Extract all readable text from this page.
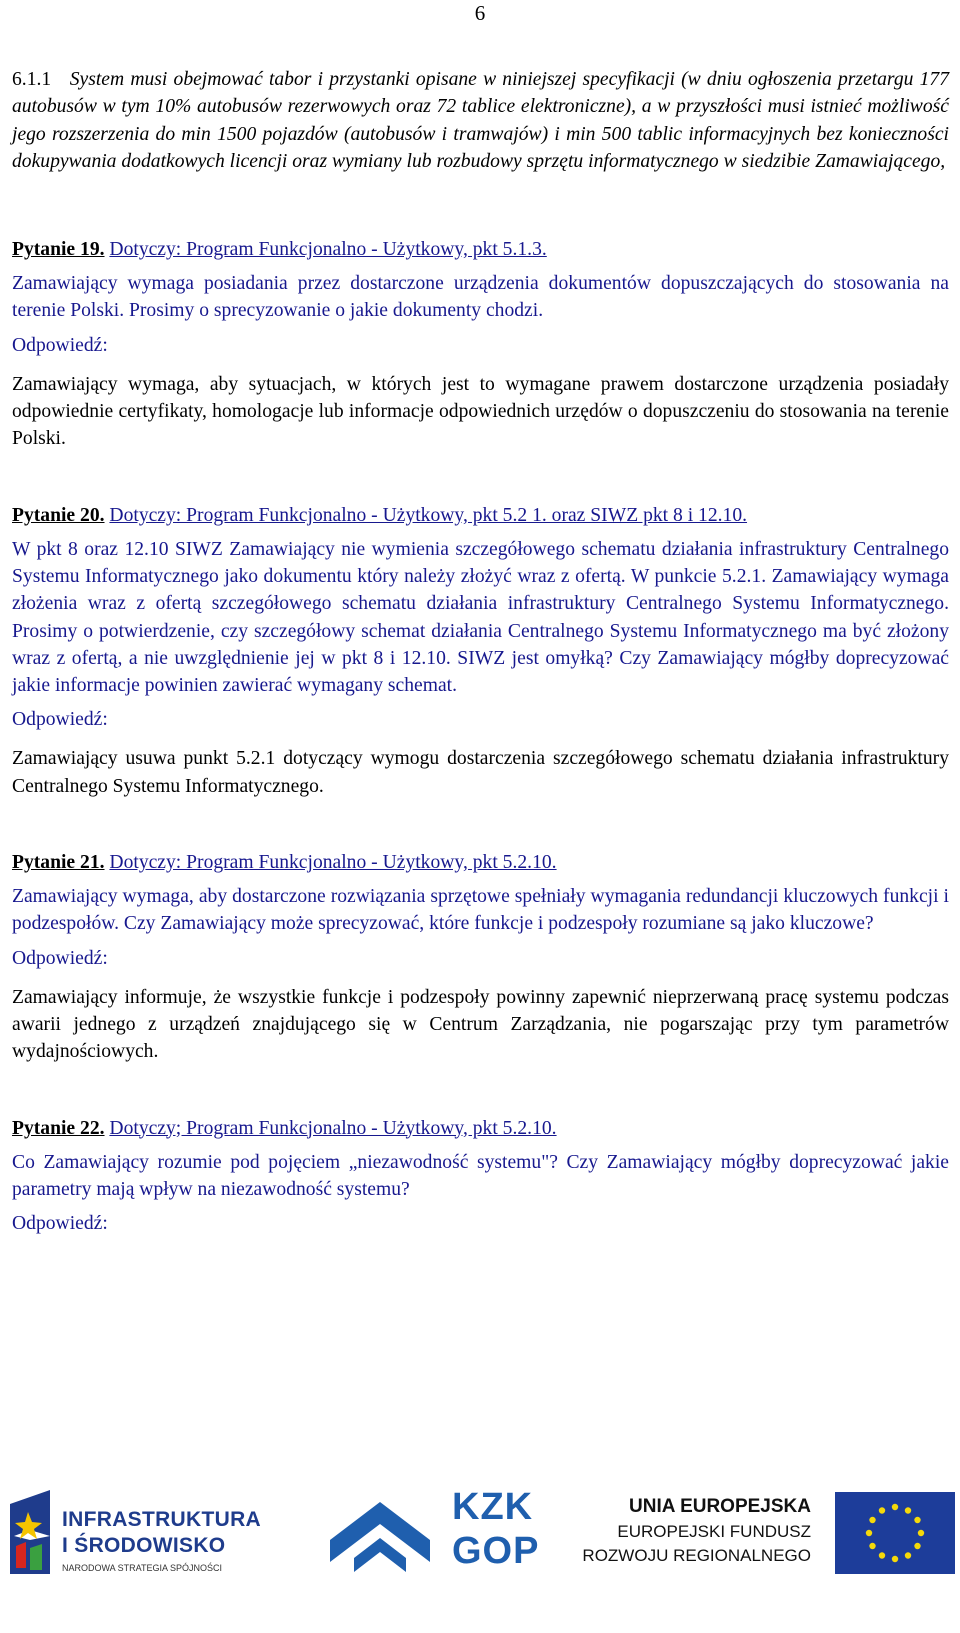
6

6.1.1 System musi obejmować tabor i przystanki opisane w niniejszej specyfikacji (w dniu ogłoszenia przetargu 177 autobusów w tym 10% autobusów rezerwowych oraz 72 tablice elektroniczne), a w przyszłości musi istnieć możliwość jego rozszerzenia do min 1500 pojazdów (autobusów i tramwajów) i min 500 tablic informacyjnych bez konieczności dokupywania dodatkowych licencji oraz wymiany lub rozbudowy sprzętu informatycznego w siedzibie Zamawiającego,

Pytanie 19. Dotyczy: Program Funkcjonalno - Użytkowy, pkt 5.1.3.

Zamawiający wymaga posiadania przez dostarczone urządzenia dokumentów dopuszczających do stosowania na terenie Polski. Prosimy o sprecyzowanie o jakie dokumenty chodzi.

Odpowiedź:

Zamawiający wymaga, aby sytuacjach, w których jest to wymagane prawem dostarczone urządzenia posiadały odpowiednie certyfikaty, homologacje lub informacje odpowiednich urzędów o dopuszczeniu do stosowania na terenie Polski.

Pytanie 20. Dotyczy: Program Funkcjonalno - Użytkowy, pkt 5.2 1. oraz SIWZ pkt 8 i 12.10.

W pkt 8 oraz 12.10 SIWZ Zamawiający nie wymienia szczegółowego schematu działania infrastruktury Centralnego Systemu Informatycznego jako dokumentu który należy złożyć wraz z ofertą. W punkcie 5.2.1. Zamawiający wymaga złożenia wraz z ofertą szczegółowego schematu działania infrastruktury Centralnego Systemu Informatycznego. Prosimy o potwierdzenie, czy szczegółowy schemat działania Centralnego Systemu Informatycznego ma być złożony wraz z ofertą, a nie uwzględnienie jej w pkt 8 i 12.10. SIWZ jest omyłką? Czy Zamawiający mógłby doprecyzować jakie informacje powinien zawierać wymagany schemat.

Odpowiedź:

Zamawiający usuwa punkt 5.2.1 dotyczący wymogu dostarczenia szczegółowego schematu działania infrastruktury Centralnego Systemu Informatycznego.

Pytanie 21. Dotyczy: Program Funkcjonalno - Użytkowy, pkt 5.2.10.

Zamawiający wymaga, aby dostarczone rozwiązania sprzętowe spełniały wymagania redundancji kluczowych funkcji i podzespołów. Czy Zamawiający może sprecyzować, które funkcje i podzespoły rozumiane są jako kluczowe?

Odpowiedź:

Zamawiający informuje, że wszystkie funkcje i podzespoły powinny zapewnić nieprzerwaną pracę systemu podczas awarii jednego z urządzeń znajdującego się w Centrum Zarządzania, nie pogarszając przy tym parametrów wydajnościowych.

Pytanie 22. Dotyczy; Program Funkcjonalno - Użytkowy, pkt 5.2.10.

Co Zamawiający rozumie pod pojęciem „niezawodność systemu"? Czy Zamawiający mógłby doprecyzować jakie parametry mają wpływ na niezawodność systemu?

Odpowiedź:

INFRASTRUKTURA
I ŚRODOWISKO
NARODOWA STRATEGIA SPÓJNOŚCI
KZK
GOP
UNIA EUROPEJSKA
EUROPEJSKI FUNDUSZ
ROZWOJU REGIONALNEGO
